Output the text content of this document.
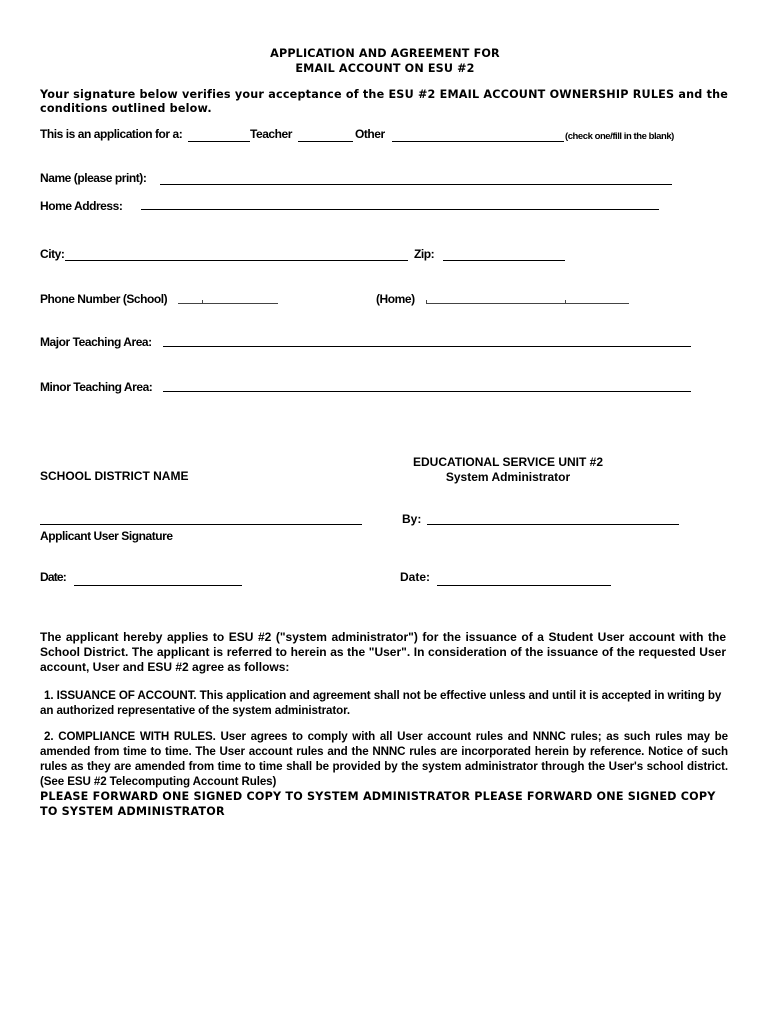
APPLICATION AND AGREEMENT FOR
EMAIL ACCOUNT ON ESU #2
Your signature below verifies your acceptance of the ESU #2 EMAIL ACCOUNT OWNERSHIP RULES and the
conditions outlined below.
This is an application for a:	Teacher	Other	(check one/fill in the blank)
Name (please print):
Home Address:
City:	Zip:
Phone Number (School)	(Home)
Major Teaching Area:
Minor Teaching Area:
EDUCATIONAL SERVICE UNIT #2
System Administrator
SCHOOL DISTRICT NAME
By:
Applicant User Signature
Date:	Date:
The applicant hereby applies to ESU #2 ("system administrator") for the issuance of a Student User account with the School District. The applicant is referred to herein as the "User". In consideration of the issuance of the requested User account, User and ESU #2 agree as follows:
1. ISSUANCE OF ACCOUNT. This application and agreement shall not be effective unless and until it is accepted in writing by an authorized representative of the system administrator.
2. COMPLIANCE WITH RULES. User agrees to comply with all User account rules and NNNC rules; as such rules may be amended from time to time. The User account rules and the NNNC rules are incorporated herein by reference. Notice of such rules as they are amended from time to time shall be provided by the system administrator through the User's school district. (See ESU #2 Telecomputing Account Rules)
PLEASE FORWARD ONE SIGNED COPY TO SYSTEM ADMINISTRATOR PLEASE FORWARD ONE SIGNED COPY
TO SYSTEM ADMINISTRATOR
